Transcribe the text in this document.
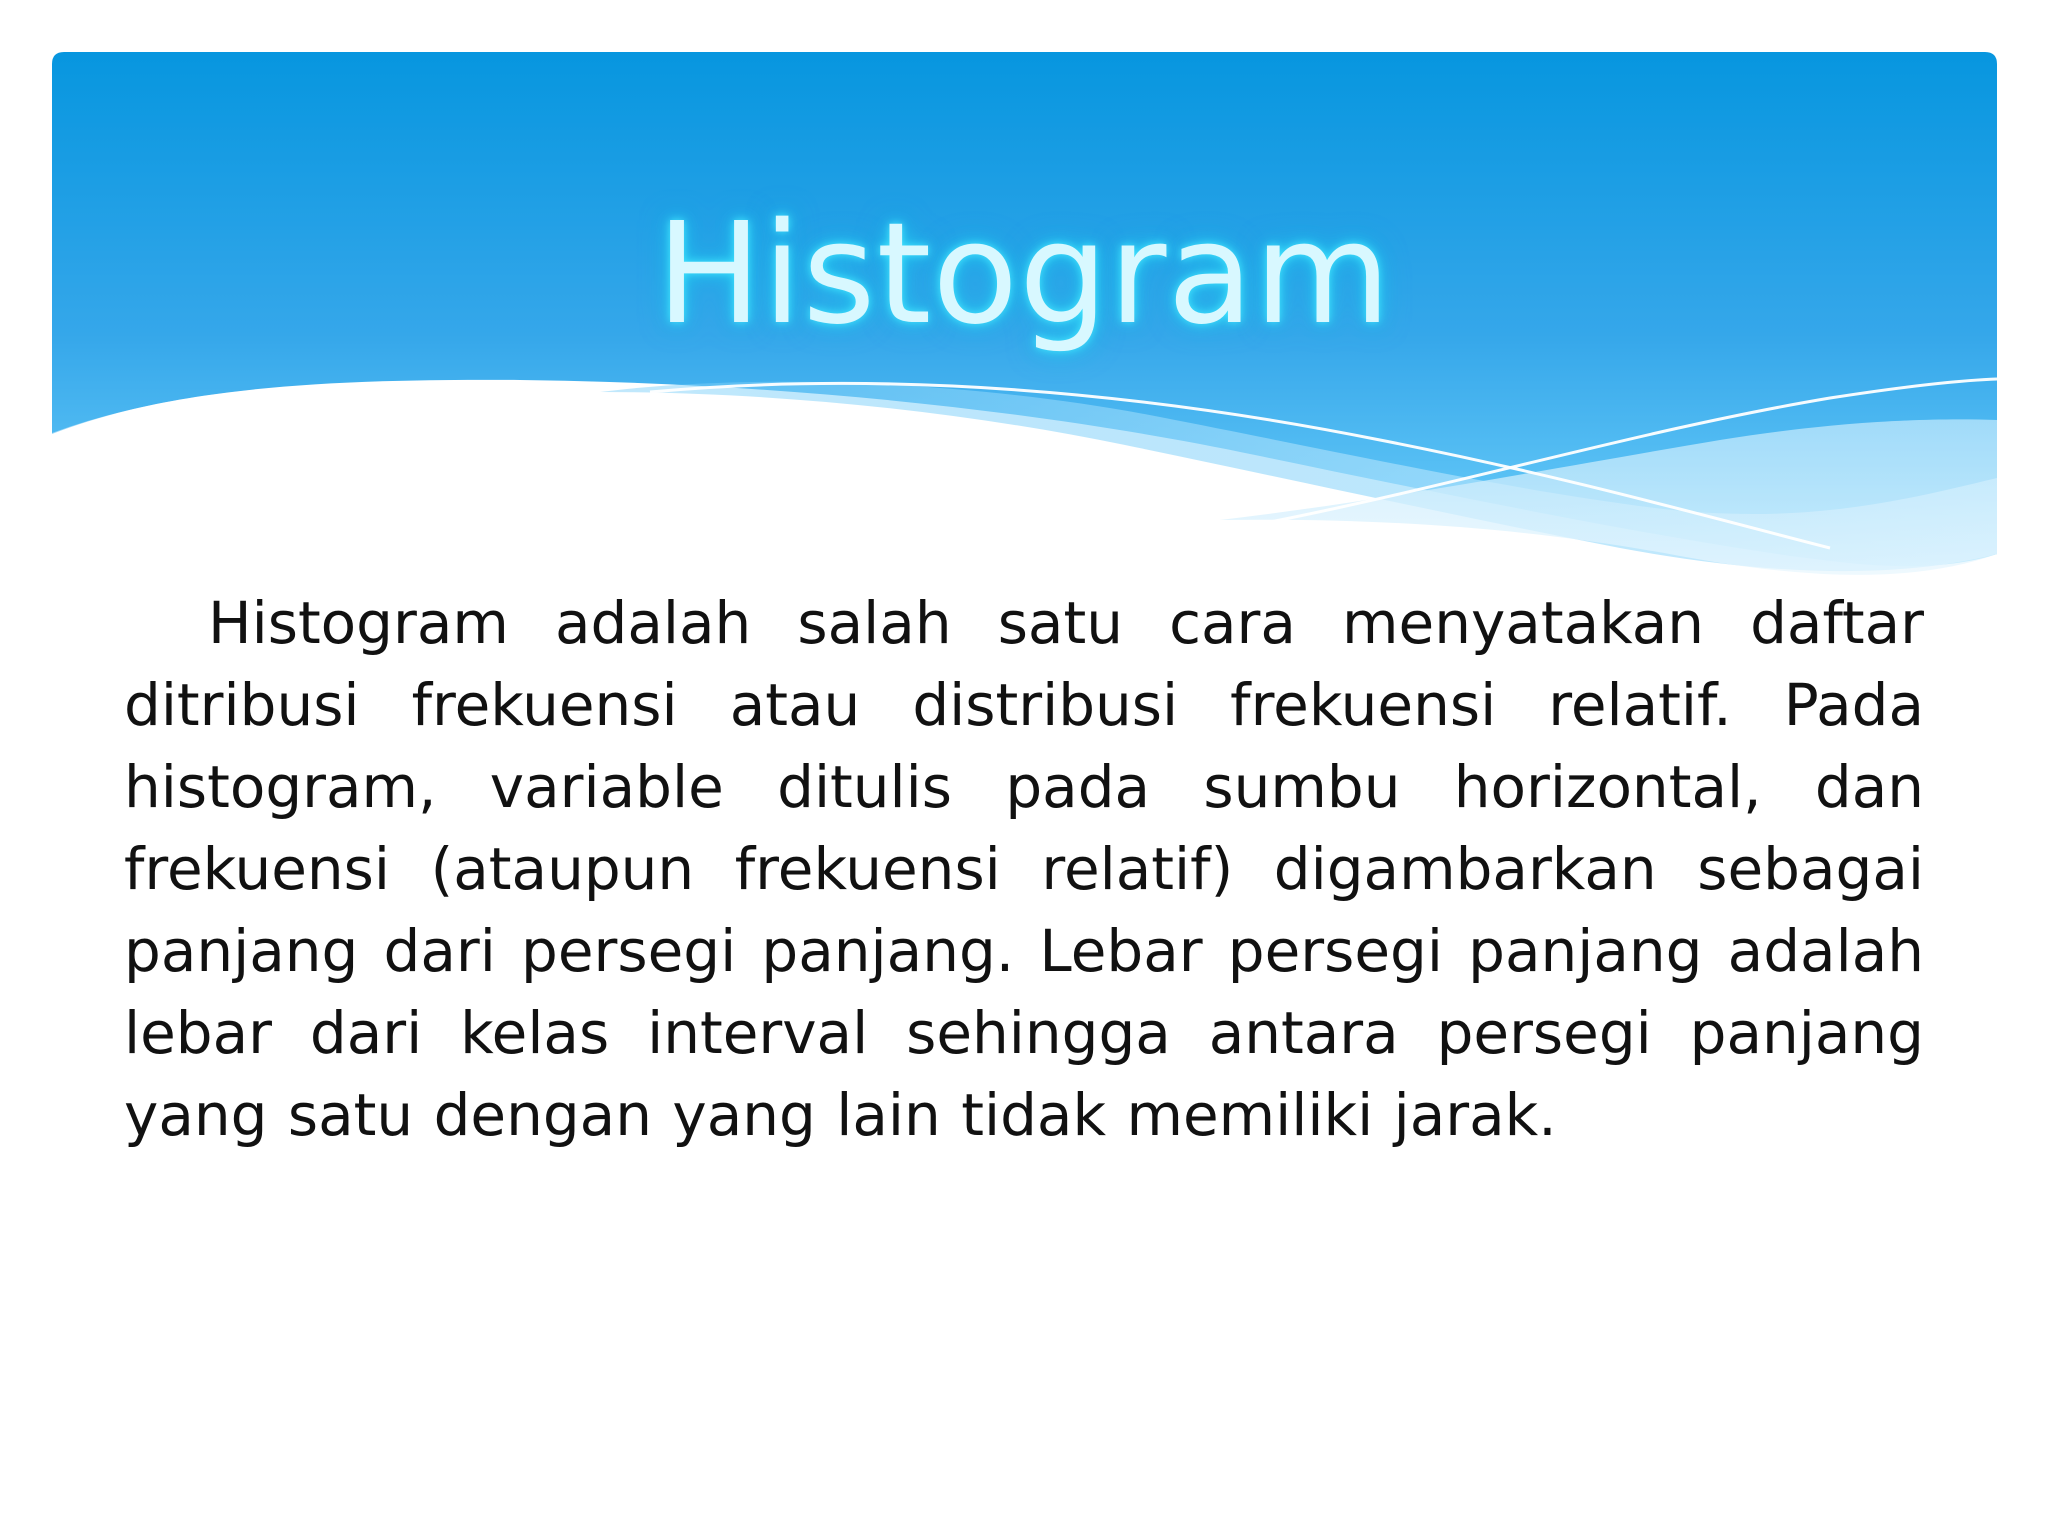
Histogram

Histogram adalah salah satu cara menyatakan daftar ditribusi frekuensi atau distribusi frekuensi relatif. Pada histogram, variable ditulis pada sumbu horizontal, dan frekuensi (ataupun frekuensi relatif) digambarkan sebagai panjang dari persegi panjang. Lebar persegi panjang adalah lebar dari kelas interval sehingga antara persegi panjang yang satu dengan yang lain tidak memiliki jarak.
